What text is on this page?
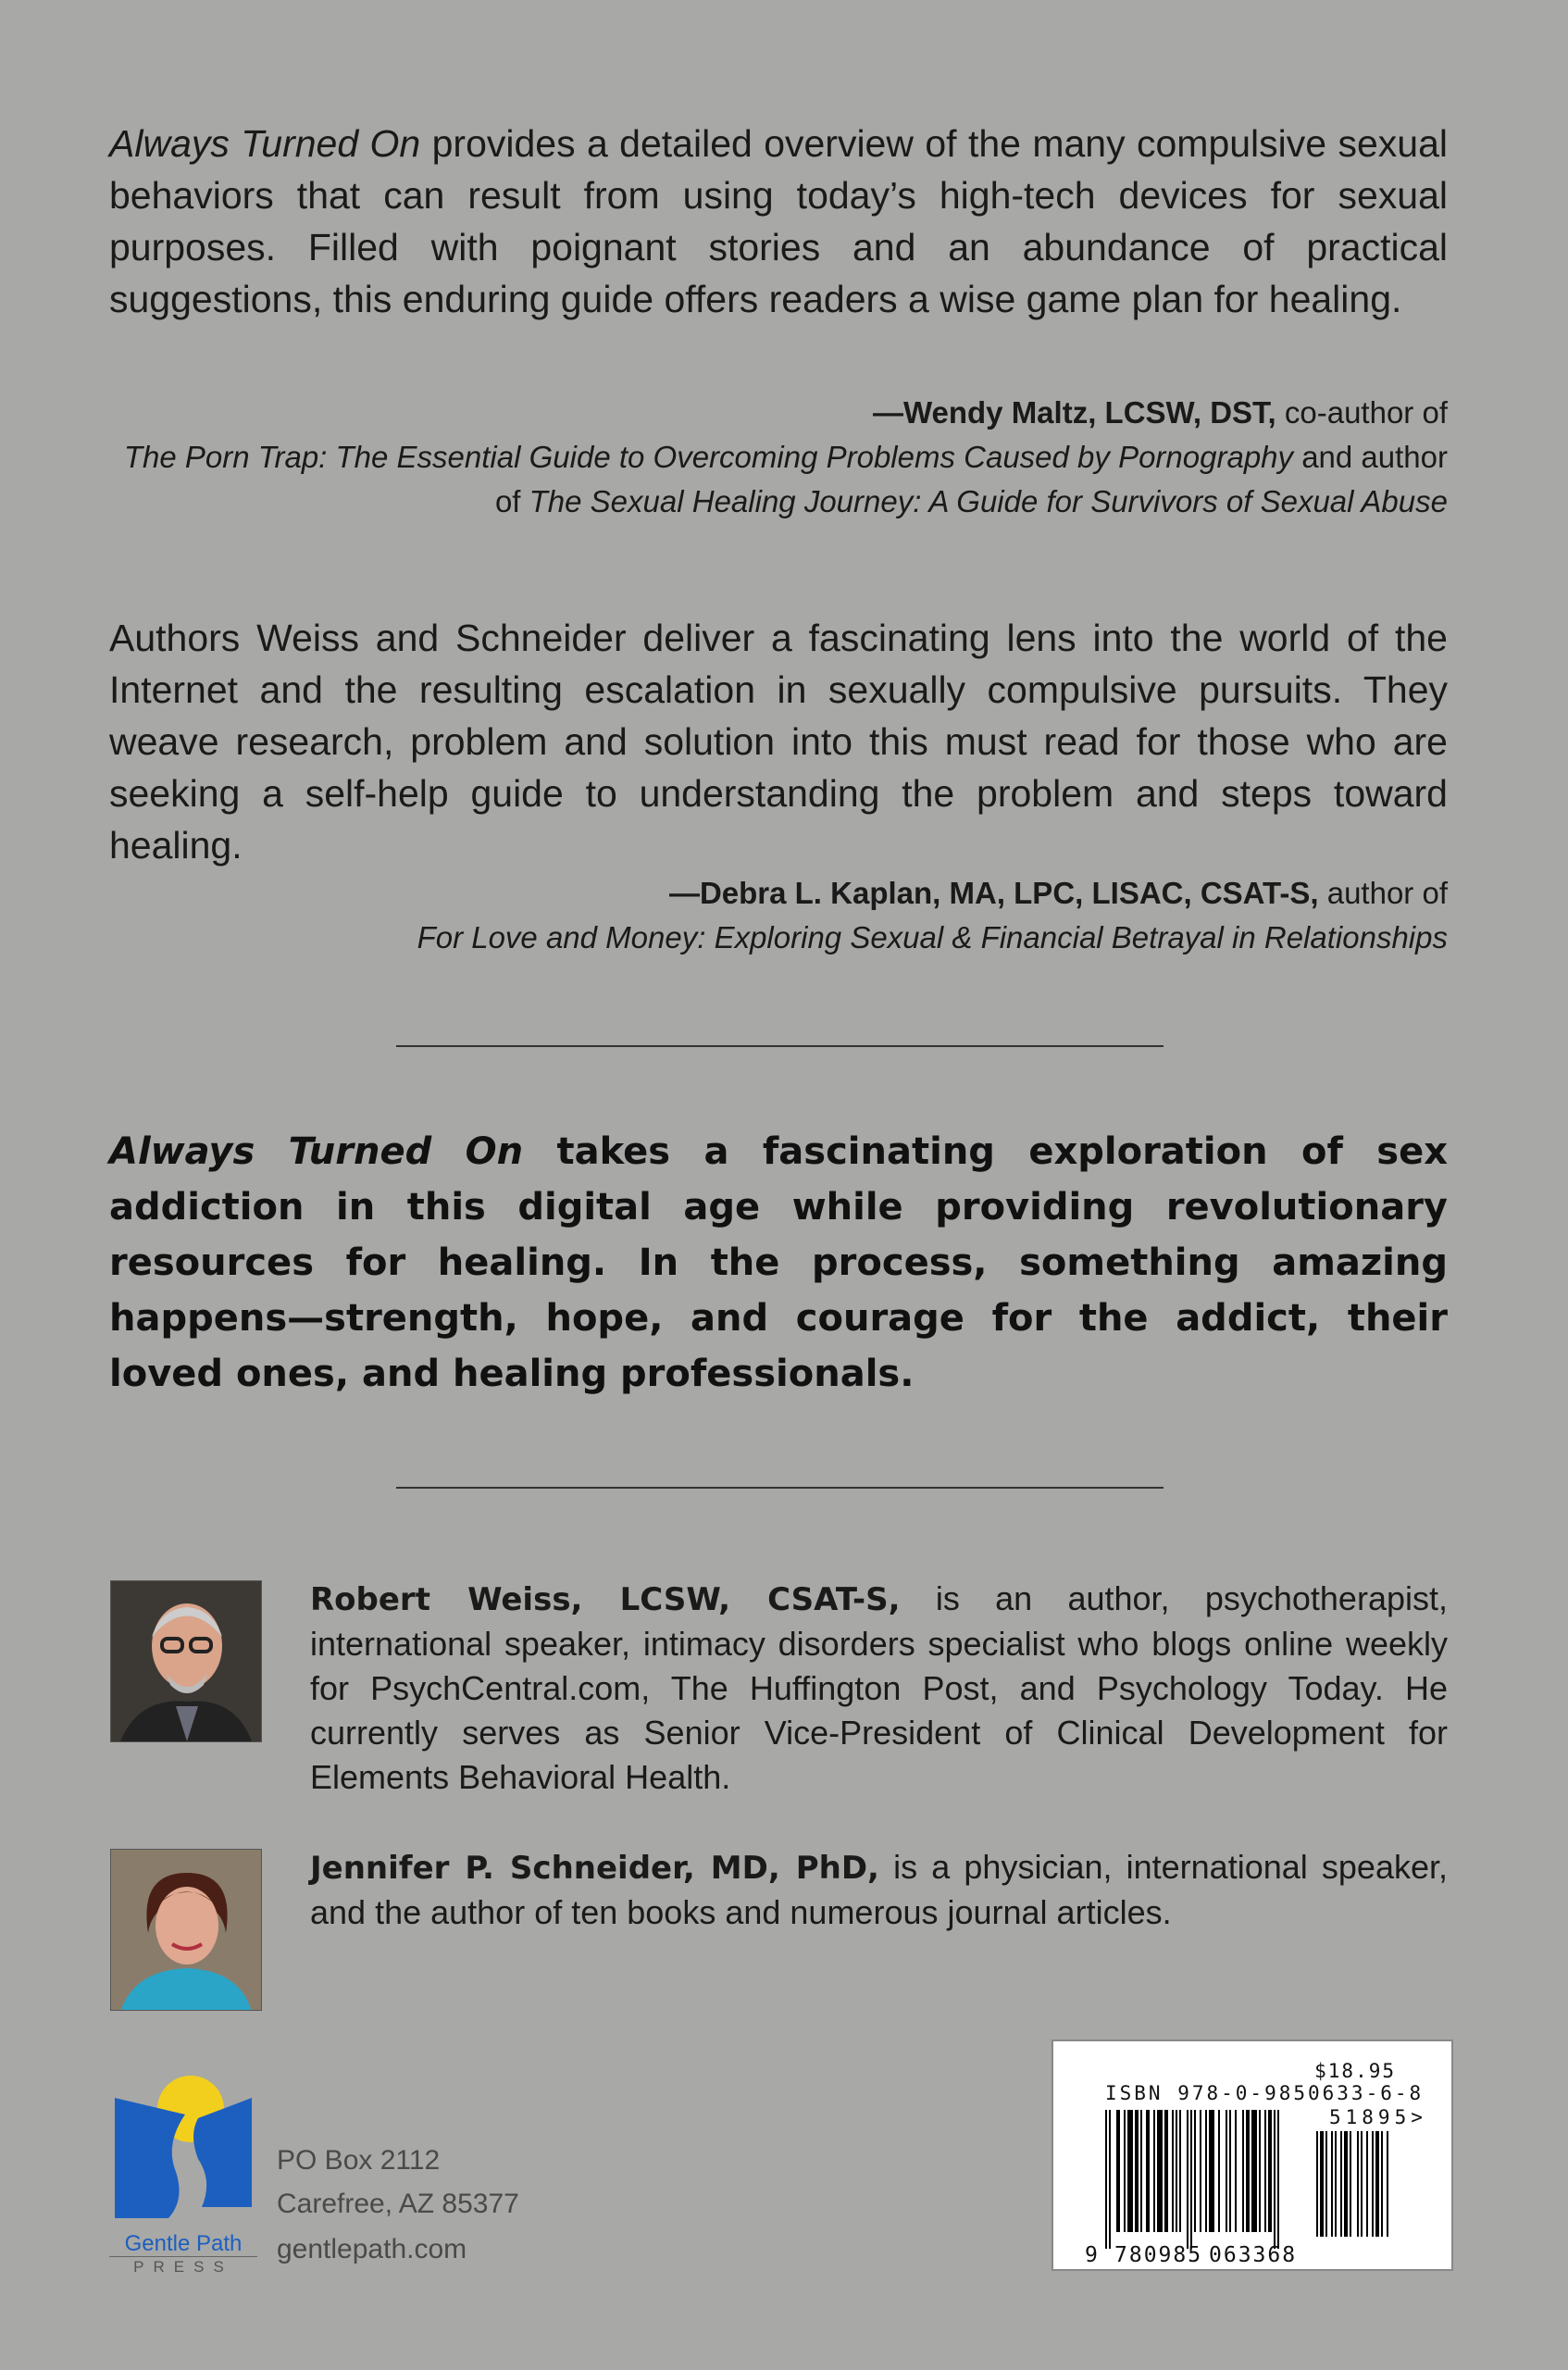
Always Turned On provides a detailed overview of the many compulsive sexual behaviors that can result from using today’s high-tech devices for sexual purposes. Filled with poignant stories and an abundance of practical suggestions, this enduring guide offers readers a wise game plan for healing.
—Wendy Maltz, LCSW, DST, co-author of
The Porn Trap: The Essential Guide to Overcoming Problems Caused by Pornography and author of The Sexual Healing Journey: A Guide for Survivors of Sexual Abuse
Authors Weiss and Schneider deliver a fascinating lens into the world of the Internet and the resulting escalation in sexually compulsive pursuits. They weave research, problem and solution into this must read for those who are seeking a self-help guide to understanding the problem and steps toward healing.
—Debra L. Kaplan, MA, LPC, LISAC, CSAT-S, author of
For Love and Money: Exploring Sexual & Financial Betrayal in Relationships
Always Turned On takes a fascinating exploration of sex addiction in this digital age while providing revolutionary resources for healing. In the process, something amazing happens—strength, hope, and courage for the addict, their loved ones, and healing professionals.
Robert Weiss, LCSW, CSAT-S, is an author, psychotherapist, international speaker, intimacy disorders specialist who blogs online weekly for PsychCentral.com, The Huffington Post, and Psychology Today. He currently serves as Senior Vice-President of Clinical Development for Elements Behavioral Health.
Jennifer P. Schneider, MD, PhD, is a physician, international speaker, and the author of ten books and numerous journal articles.
Gentle Path
PRESS
PO Box 2112
Carefree, AZ 85377
gentlepath.com
$18.95
ISBN 978-0-9850633-6-8
51895>
9 780985 063368
